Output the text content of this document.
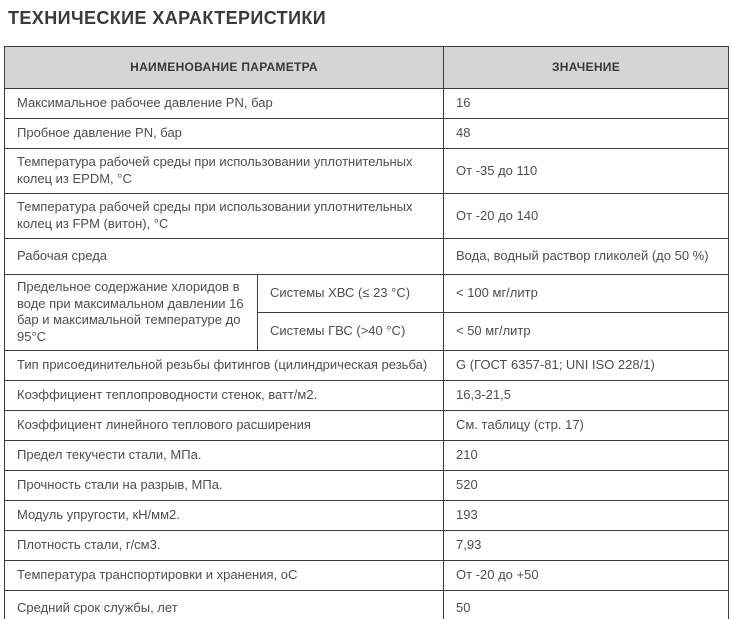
ТЕХНИЧЕСКИЕ ХАРАКТЕРИСТИКИ
НАИМЕНОВАНИЕ ПАРАМЕТРА		ЗНАЧЕНИЕ
Максимальное рабочее давление PN, бар		16
Пробное давление PN, бар		48
Температура рабочей среды при использовании уплотнительных колец из EPDM, °С		От -35 до 110
Температура рабочей среды при использовании уплотнительных колец из FPM (витон), °С		От -20 до 140
Рабочая среда		Вода, водный раствор гликолей (до 50 %)
Предельное содержание хлоридов в воде при максимальном давлении 16 бар и максимальной температуре до 95°С	Системы ХВС (≤ 23 °С)	< 100 мг/литр
	Системы ГВС (>40 °С)	< 50 мг/литр
Тип присоединительной резьбы фитингов (цилиндрическая резьба)		G (ГОСТ 6357-81; UNI ISO 228/1)
Коэффициент теплопроводности стенок, ватт/м2.		16,3-21,5
Коэффициент линейного теплового расширения		См. таблицу (стр. 17)
Предел текучести стали, МПа.		210
Прочность стали на разрыв, МПа.		520
Модуль упругости, кН/мм2.		193
Плотность стали, г/см3.		7,93
Температура транспортировки и хранения, оС		От -20 до +50
Средний срок службы, лет		50
